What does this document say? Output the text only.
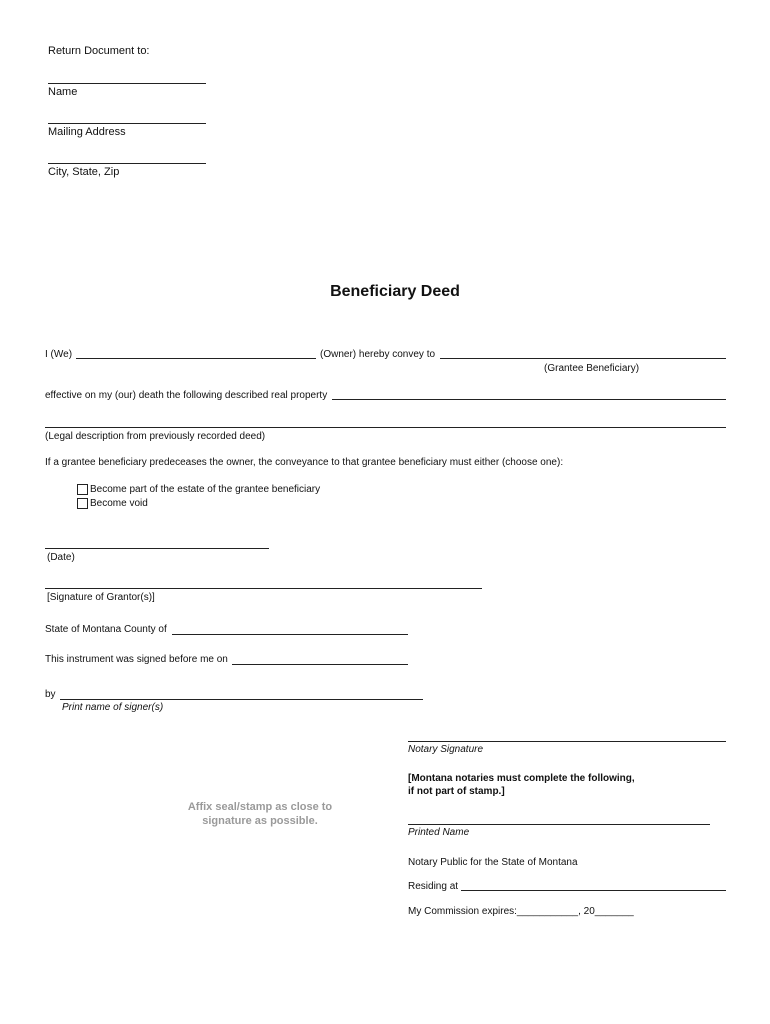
Return Document to:
Name
Mailing Address
City, State, Zip
Beneficiary Deed
I (We)	(Owner) hereby convey to
(Grantee Beneficiary)
effective on my (our) death the following described real property
(Legal description from previously recorded deed)
If a grantee beneficiary predeceases the owner, the conveyance to that grantee beneficiary must either (choose one):
Become part of the estate of the grantee beneficiary
Become void
(Date)
[Signature of Grantor(s)]
State of Montana County of
This instrument was signed before me on
by
Print name of signer(s)
Notary Signature
[Montana notaries must complete the following,
if not part of stamp.]
Affix seal/stamp as close to
signature as possible.
Printed Name
Notary Public for the State of Montana
Residing at
My Commission expires:___________, 20_______
